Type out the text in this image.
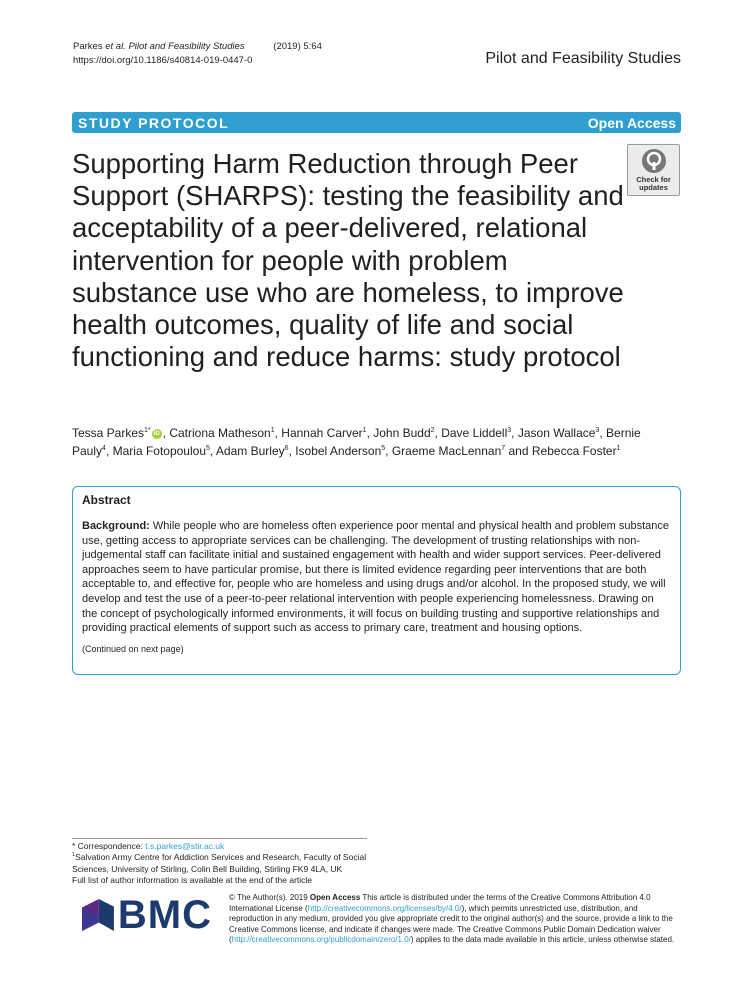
Parkes et al. Pilot and Feasibility Studies	(2019) 5:64
https://doi.org/10.1186/s40814-019-0447-0	Pilot and Feasibility Studies
STUDY PROTOCOL	Open Access
Supporting Harm Reduction through Peer Support (SHARPS): testing the feasibility and acceptability of a peer-delivered, relational intervention for people with problem substance use who are homeless, to improve health outcomes, quality of life and social functioning and reduce harms: study protocol
Check for
updates
Tessa Parkes$^{1*}$ iD , Catriona Matheson$^1$, Hannah Carver$^1$, John Budd$^2$, Dave Liddell$^3$, Jason Wallace$^3$, Bernie Pauly$^4$, Maria Fotopoulou$^5$, Adam Burley$^6$, Isobel Anderson$^5$, Graeme MacLennan$^7$ and Rebecca Foster$^1$
Abstract

Background: While people who are homeless often experience poor mental and physical health and problem substance use, getting access to appropriate services can be challenging. The development of trusting relationships with non-judgemental staff can facilitate initial and sustained engagement with health and wider support services. Peer-delivered approaches seem to have particular promise, but there is limited evidence regarding peer interventions that are both acceptable to, and effective for, people who are homeless and using drugs and/or alcohol. In the proposed study, we will develop and test the use of a peer-to-peer relational intervention with people experiencing homelessness. Drawing on the concept of psychologically informed environments, it will focus on building trusting and supportive relationships and providing practical elements of support such as access to primary care, treatment and housing options.

(Continued on next page)
* Correspondence: t.s.parkes@stir.ac.uk
$^1$Salvation Army Centre for Addiction Services and Research, Faculty of Social Sciences, University of Stirling, Colin Bell Building, Stirling FK9 4LA, UK
Full list of author information is available at the end of the article
BMC © The Author(s). 2019 Open Access This article is distributed under the terms of the Creative Commons Attribution 4.0 International License (http://creativecommons.org/licenses/by/4.0/), which permits unrestricted use, distribution, and reproduction in any medium, provided you give appropriate credit to the original author(s) and the source, provide a link to the Creative Commons license, and indicate if changes were made. The Creative Commons Public Domain Dedication waiver (http://creativecommons.org/publicdomain/zero/1.0/) applies to the data made available in this article, unless otherwise stated.
